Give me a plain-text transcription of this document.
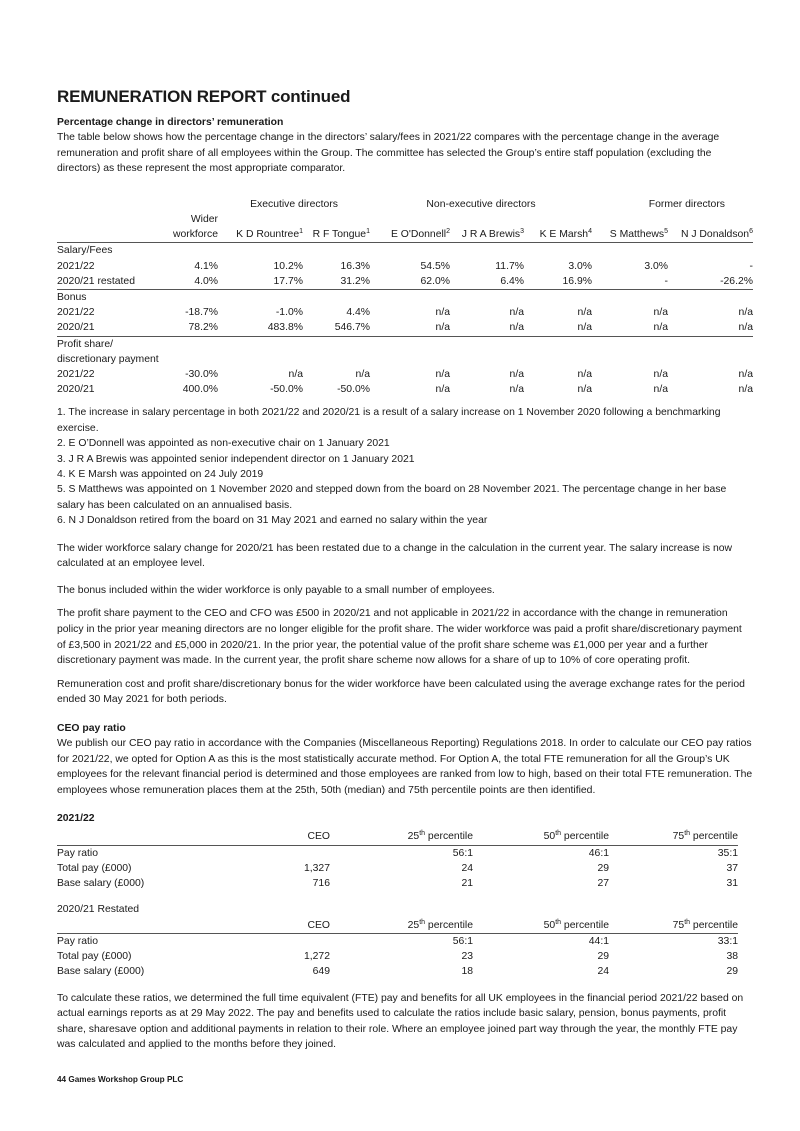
REMUNERATION REPORT continued
Percentage change in directors’ remuneration
The table below shows how the percentage change in the directors’ salary/fees in 2021/22 compares with the percentage change in the average remuneration and profit share of all employees within the Group. The committee has selected the Group’s entire staff population (excluding the directors) as these represent the most appropriate comparator.
		Executive directors		Non-executive directors			Former directors	
	Wider							
	workforce	K D Rountree$^1$	R F Tongue$^1$	E O'Donnell$^2$	J R A Brewis$^3$	K E Marsh$^4$	S Matthews$^5$	N J Donaldson$^6$
Salary/Fees								
2021/22	4.1%	10.2%	16.3%	54.5%	11.7%	3.0%	3.0%	-
2020/21 restated	4.0%	17.7%	31.2%	62.0%	6.4%	16.9%	-	-26.2%
Bonus								
2021/22	-18.7%	-1.0%	4.4%	n/a	n/a	n/a	n/a	n/a
2020/21	78.2%	483.8%	546.7%	n/a	n/a	n/a	n/a	n/a
Profit share/								
discretionary payment								
2021/22	-30.0%	n/a	n/a	n/a	n/a	n/a	n/a	n/a
2020/21	400.0%	-50.0%	-50.0%	n/a	n/a	n/a	n/a	n/a
1. The increase in salary percentage in both 2021/22 and 2020/21 is a result of a salary increase on 1 November 2020 following a benchmarking exercise.
2. E O’Donnell was appointed as non-executive chair on 1 January 2021
3. J R A Brewis was appointed senior independent director on 1 January 2021
4. K E Marsh was appointed on 24 July 2019
5. S Matthews was appointed on 1 November 2020 and stepped down from the board on 28 November 2021. The percentage change in her base salary has been calculated on an annualised basis.
6. N J Donaldson retired from the board on 31 May 2021 and earned no salary within the year
The wider workforce salary change for 2020/21 has been restated due to a change in the calculation in the current year. The salary increase is now calculated at an employee level.
The bonus included within the wider workforce is only payable to a small number of employees.
The profit share payment to the CEO and CFO was £500 in 2020/21 and not applicable in 2021/22 in accordance with the change in remuneration policy in the prior year meaning directors are no longer eligible for the profit share. The wider workforce was paid a profit share/discretionary payment of £3,500 in 2021/22 and £5,000 in 2020/21. In the prior year, the potential value of the profit share scheme was £1,000 per year and a further discretionary payment was made. In the current year, the profit share scheme now allows for a share of up to 10% of core operating profit.
Remuneration cost and profit share/discretionary bonus for the wider workforce have been calculated using the average exchange rates for the period ended 30 May 2021 for both periods.
CEO pay ratio
We publish our CEO pay ratio in accordance with the Companies (Miscellaneous Reporting) Regulations 2018. In order to calculate our CEO pay ratios for 2021/22, we opted for Option A as this is the most statistically accurate method. For Option A, the total FTE remuneration for all the Group’s UK employees for the relevant financial period is determined and those employees are ranked from low to high, based on their total FTE remuneration. The employees whose remuneration places them at the 25th, 50th (median) and 75th percentile points are then identified.
2021/22
	CEO	25th percentile	50th percentile	75th percentile
Pay ratio		56:1	46:1	35:1
Total pay (£000)	1,327	24	29	37
Base salary (£000)	716	21	27	31
2020/21 Restated
	CEO	25th percentile	50th percentile	75th percentile
Pay ratio		56:1	44:1	33:1
Total pay (£000)	1,272	23	29	38
Base salary (£000)	649	18	24	29
To calculate these ratios, we determined the full time equivalent (FTE) pay and benefits for all UK employees in the financial period 2021/22 based on actual earnings reports as at 29 May 2022. The pay and benefits used to calculate the ratios include basic salary, pension, bonus payments, profit share, sharesave option and additional payments in relation to their role. Where an employee joined part way through the year, the monthly FTE pay was calculated and applied to the months before they joined.
44 Games Workshop Group PLC
